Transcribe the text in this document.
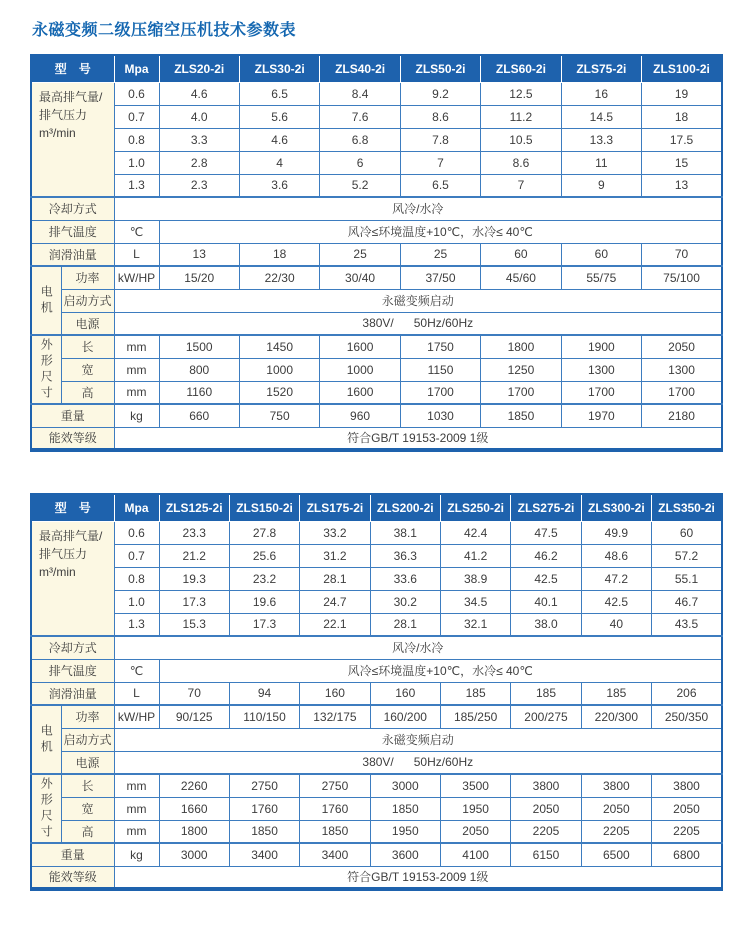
永磁变频二级压缩空压机技术参数表
型　号		Mpa	ZLS20-2i	ZLS30-2i	ZLS40-2i	ZLS50-2i	ZLS60-2i	ZLS75-2i	ZLS100-2i

最高排气量/
排气压力
m³/min		0.6	4.6	6.5	8.4	9.2	12.5	16	19
		0.7	4.0	5.6	7.6	8.6	11.2	14.5	18
		0.8	3.3	4.6	6.8	7.8	10.5	13.3	17.5
		1.0	2.8	4	6	7	8.6	11	15
		1.3	2.3	3.6	5.2	6.5	7	9	13
冷却方式		风冷/水冷							
排气温度		℃	风冷≤环境温度+10℃，水冷≤ 40℃						
润滑油量		L	13	18	25	25	60	60	70

电机	功率	kW/HP	15/20	22/30	30/40	37/50	45/60	55/75	75/100
	启动方式	永磁变频启动							
	电源	380V/      50Hz/60Hz							

外形尺寸	长	mm	1500	1450	1600	1750	1800	1900	2050
	宽	mm	800	1000	1000	1150	1250	1300	1300
	高	mm	1160	1520	1600	1700	1700	1700	1700
重量		kg	660	750	960	1030	1850	1970	2180
能效等级		符合GB/T 19153-2009 1级							
型　号		Mpa	ZLS125-2i	ZLS150-2i	ZLS175-2i	ZLS200-2i	ZLS250-2i	ZLS275-2i	ZLS300-2i	ZLS350-2i

最高排气量/
排气压力
m³/min		0.6	23.3	27.8	33.2	38.1	42.4	47.5	49.9	60
		0.7	21.2	25.6	31.2	36.3	41.2	46.2	48.6	57.2
		0.8	19.3	23.2	28.1	33.6	38.9	42.5	47.2	55.1
		1.0	17.3	19.6	24.7	30.2	34.5	40.1	42.5	46.7
		1.3	15.3	17.3	22.1	28.1	32.1	38.0	40	43.5
冷却方式		风冷/水冷								
排气温度		℃	风冷≤环境温度+10℃，水冷≤ 40℃							
润滑油量		L	70	94	160	160	185	185	185	206

电机	功率	kW/HP	90/125	110/150	132/175	160/200	185/250	200/275	220/300	250/350
	启动方式	永磁变频启动								
	电源	380V/      50Hz/60Hz								

外形尺寸	长	mm	2260	2750	2750	3000	3500	3800	3800	3800
	宽	mm	1660	1760	1760	1850	1950	2050	2050	2050
	高	mm	1800	1850	1850	1950	2050	2205	2205	2205
重量		kg	3000	3400	3400	3600	4100	6150	6500	6800
能效等级		符合GB/T 19153-2009 1级								
